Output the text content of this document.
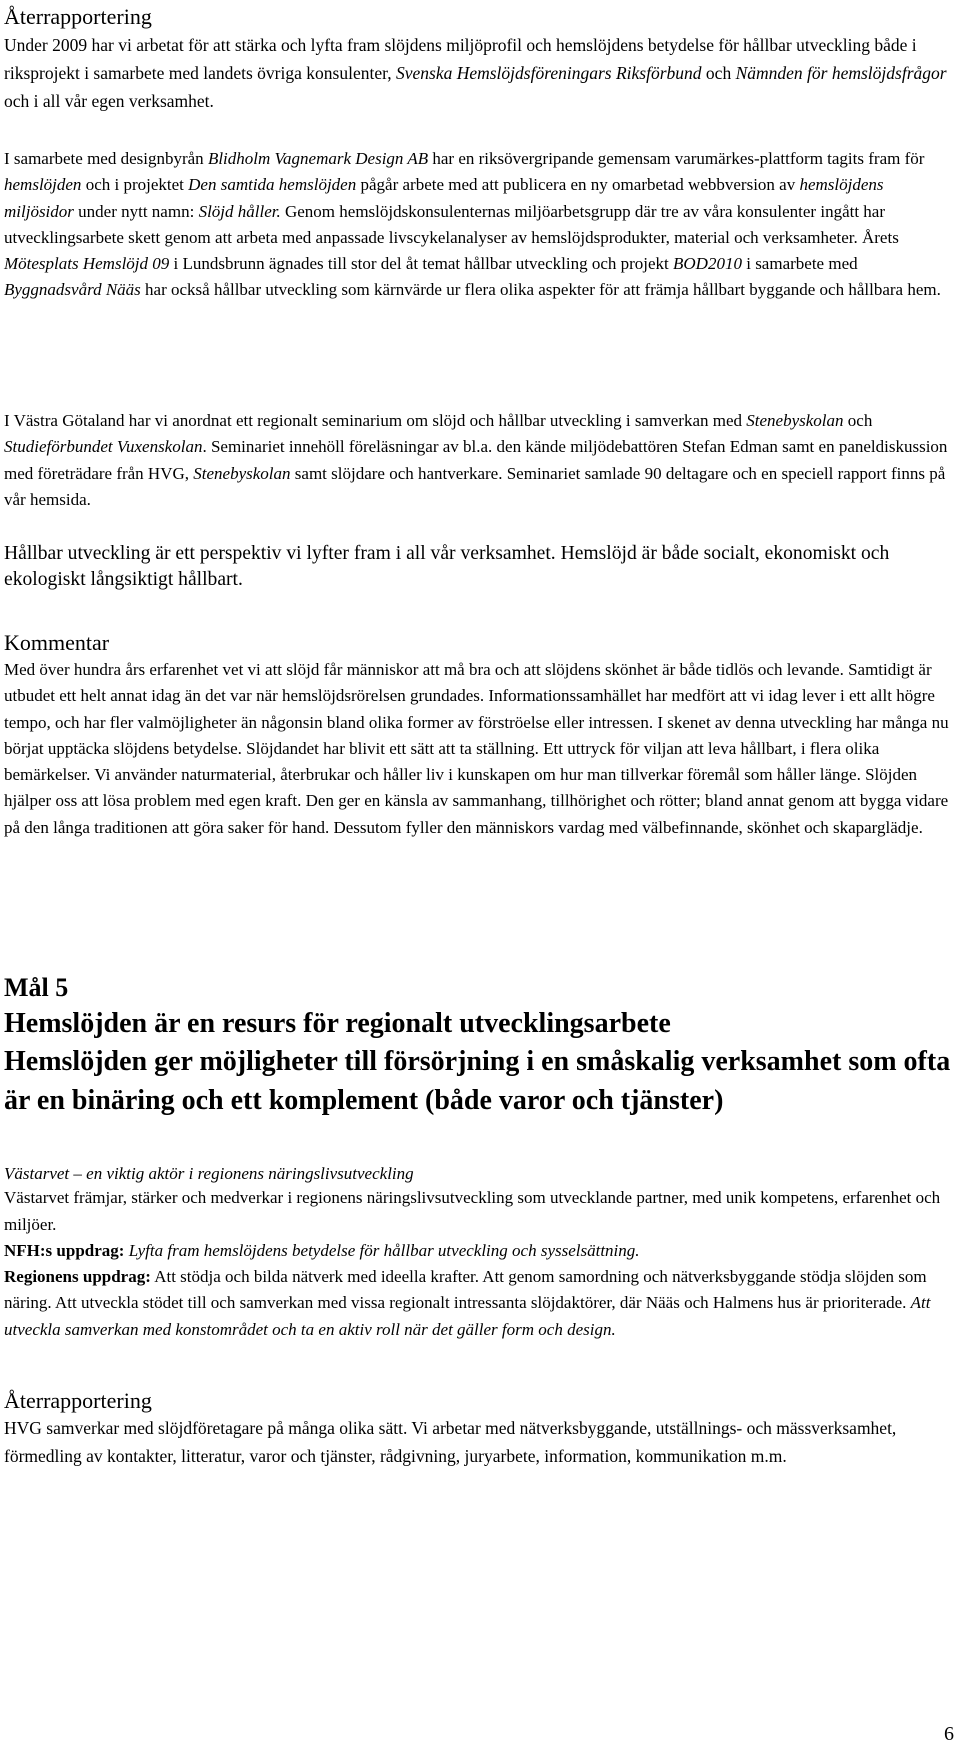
Återrapportering

Under 2009 har vi arbetat för att stärka och lyfta fram slöjdens miljöprofil och hemslöjdens betydelse för hållbar utveckling både i riksprojekt i samarbete med landets övriga konsulenter, Svenska Hemslöjdsföreningars Riksförbund och Nämnden för hemslöjdsfrågor och i all vår egen verksamhet.

I samarbete med designbyrån Blidholm Vagnemark Design AB har en riksövergripande gemensam varumärkes-plattform tagits fram för hemslöjden och i projektet Den samtida hemslöjden pågår arbete med att publicera en ny omarbetad webbversion av hemslöjdens miljösidor under nytt namn: Slöjd håller. Genom hemslöjdskonsulenternas miljöarbetsgrupp där tre av våra konsulenter ingått har utvecklingsarbete skett genom att arbeta med anpassade livscykelanalyser av hemslöjdsprodukter, material och verksamheter. Årets Mötesplats Hemslöjd 09 i Lundsbrunn ägnades till stor del åt temat hållbar utveckling och projekt BOD2010 i samarbete med Byggnadsvård Nääs har också hållbar utveckling som kärnvärde ur flera olika aspekter för att främja hållbart byggande och hållbara hem.

I Västra Götaland har vi anordnat ett regionalt seminarium om slöjd och hållbar utveckling i samverkan med Stenebyskolan och Studieförbundet Vuxenskolan. Seminariet innehöll föreläsningar av bl.a. den kände miljödebattören Stefan Edman samt en paneldiskussion med företrädare från HVG, Stenebyskolan samt slöjdare och hantverkare. Seminariet samlade 90 deltagare och en speciell rapport finns på vår hemsida.

Hållbar utveckling är ett perspektiv vi lyfter fram i all vår verksamhet. Hemslöjd är både socialt, ekonomiskt och ekologiskt långsiktigt hållbart.

Kommentar

Med över hundra års erfarenhet vet vi att slöjd får människor att må bra och att slöjdens skönhet är både tidlös och levande. Samtidigt är utbudet ett helt annat idag än det var när hemslöjdsrörelsen grundades. Informationssamhället har medfört att vi idag lever i ett allt högre tempo, och har fler valmöjligheter än någonsin bland olika former av förströelse eller intressen. I skenet av denna utveckling har många nu börjat upptäcka slöjdens betydelse. Slöjdandet har blivit ett sätt att ta ställning. Ett uttryck för viljan att leva hållbart, i flera olika bemärkelser. Vi använder naturmaterial, återbrukar och håller liv i kunskapen om hur man tillverkar föremål som håller länge. Slöjden hjälper oss att lösa problem med egen kraft. Den ger en känsla av sammanhang, tillhörighet och rötter; bland annat genom att bygga vidare på den långa traditionen att göra saker för hand. Dessutom fyller den människors vardag med välbefinnande, skönhet och skaparglädje.

Mål 5
Hemslöjden är en resurs för regionalt utvecklingsarbete
Hemslöjden ger möjligheter till försörjning i en småskalig verksamhet som ofta är en binäring och ett komplement (både varor och tjänster)
Västarvet – en viktig aktör i regionens näringslivsutveckling

Västarvet främjar, stärker och medverkar i regionens näringslivsutveckling som utvecklande partner, med unik kompetens, erfarenhet och miljöer.

NFH:s uppdrag: Lyfta fram hemslöjdens betydelse för hållbar utveckling och sysselsättning.

Regionens uppdrag: Att stödja och bilda nätverk med ideella krafter. Att genom samordning och nätverksbyggande stödja slöjden som näring. Att utveckla stödet till och samverkan med vissa regionalt intressanta slöjdaktörer, där Nääs och Halmens hus är prioriterade. Att utveckla samverkan med konstområdet och ta en aktiv roll när det gäller form och design.

Återrapportering

HVG samverkar med slöjdföretagare på många olika sätt. Vi arbetar med nätverksbyggande, utställnings- och mässverksamhet, förmedling av kontakter, litteratur, varor och tjänster, rådgivning, juryarbete, information, kommunikation m.m.

6
